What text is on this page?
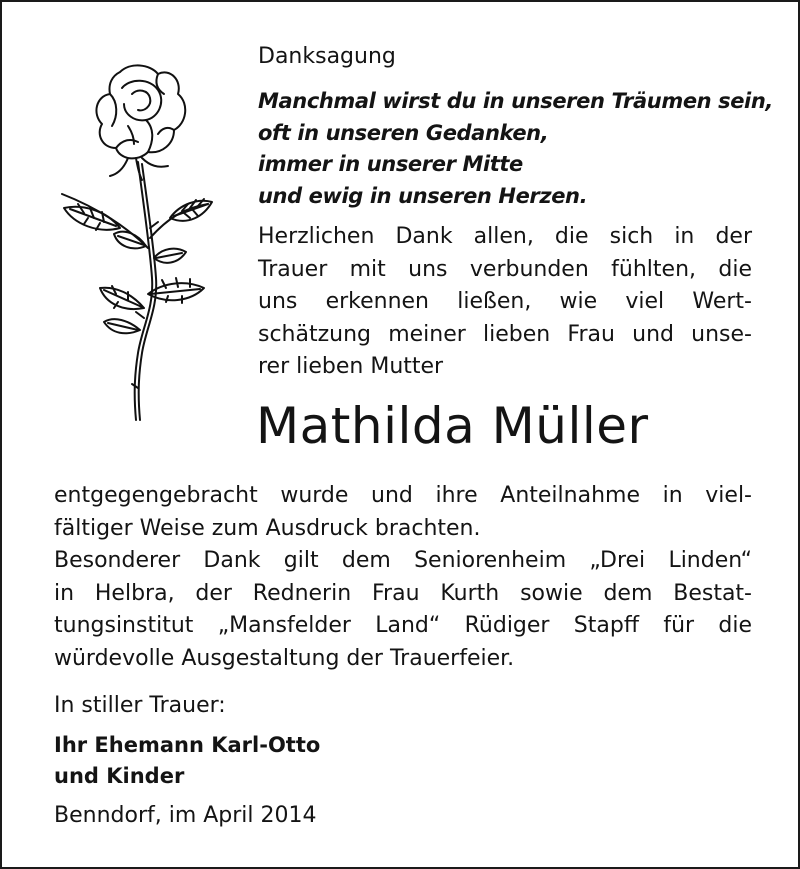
Danksagung
Manchmal wirst du in unseren Träumen sein,
oft in unseren Gedanken,
immer in unserer Mitte
und ewig in unseren Herzen.
Herzlichen Dank allen, die sich in der
Trauer mit uns verbunden fühlten, die
uns erkennen ließen, wie viel Wert-
schätzung meiner lieben Frau und unse-
rer lieben Mutter
Mathilda Müller
entgegengebracht wurde und ihre Anteilnahme in viel-
fältiger Weise zum Ausdruck brachten.
Besonderer Dank gilt dem Seniorenheim „Drei Linden“
in Helbra, der Rednerin Frau Kurth sowie dem Bestat-
tungsinstitut „Mansfelder Land“ Rüdiger Stapff für die
würdevolle Ausgestaltung der Trauerfeier.
In stiller Trauer:
Ihr Ehemann Karl-Otto
und Kinder
Benndorf, im April 2014
